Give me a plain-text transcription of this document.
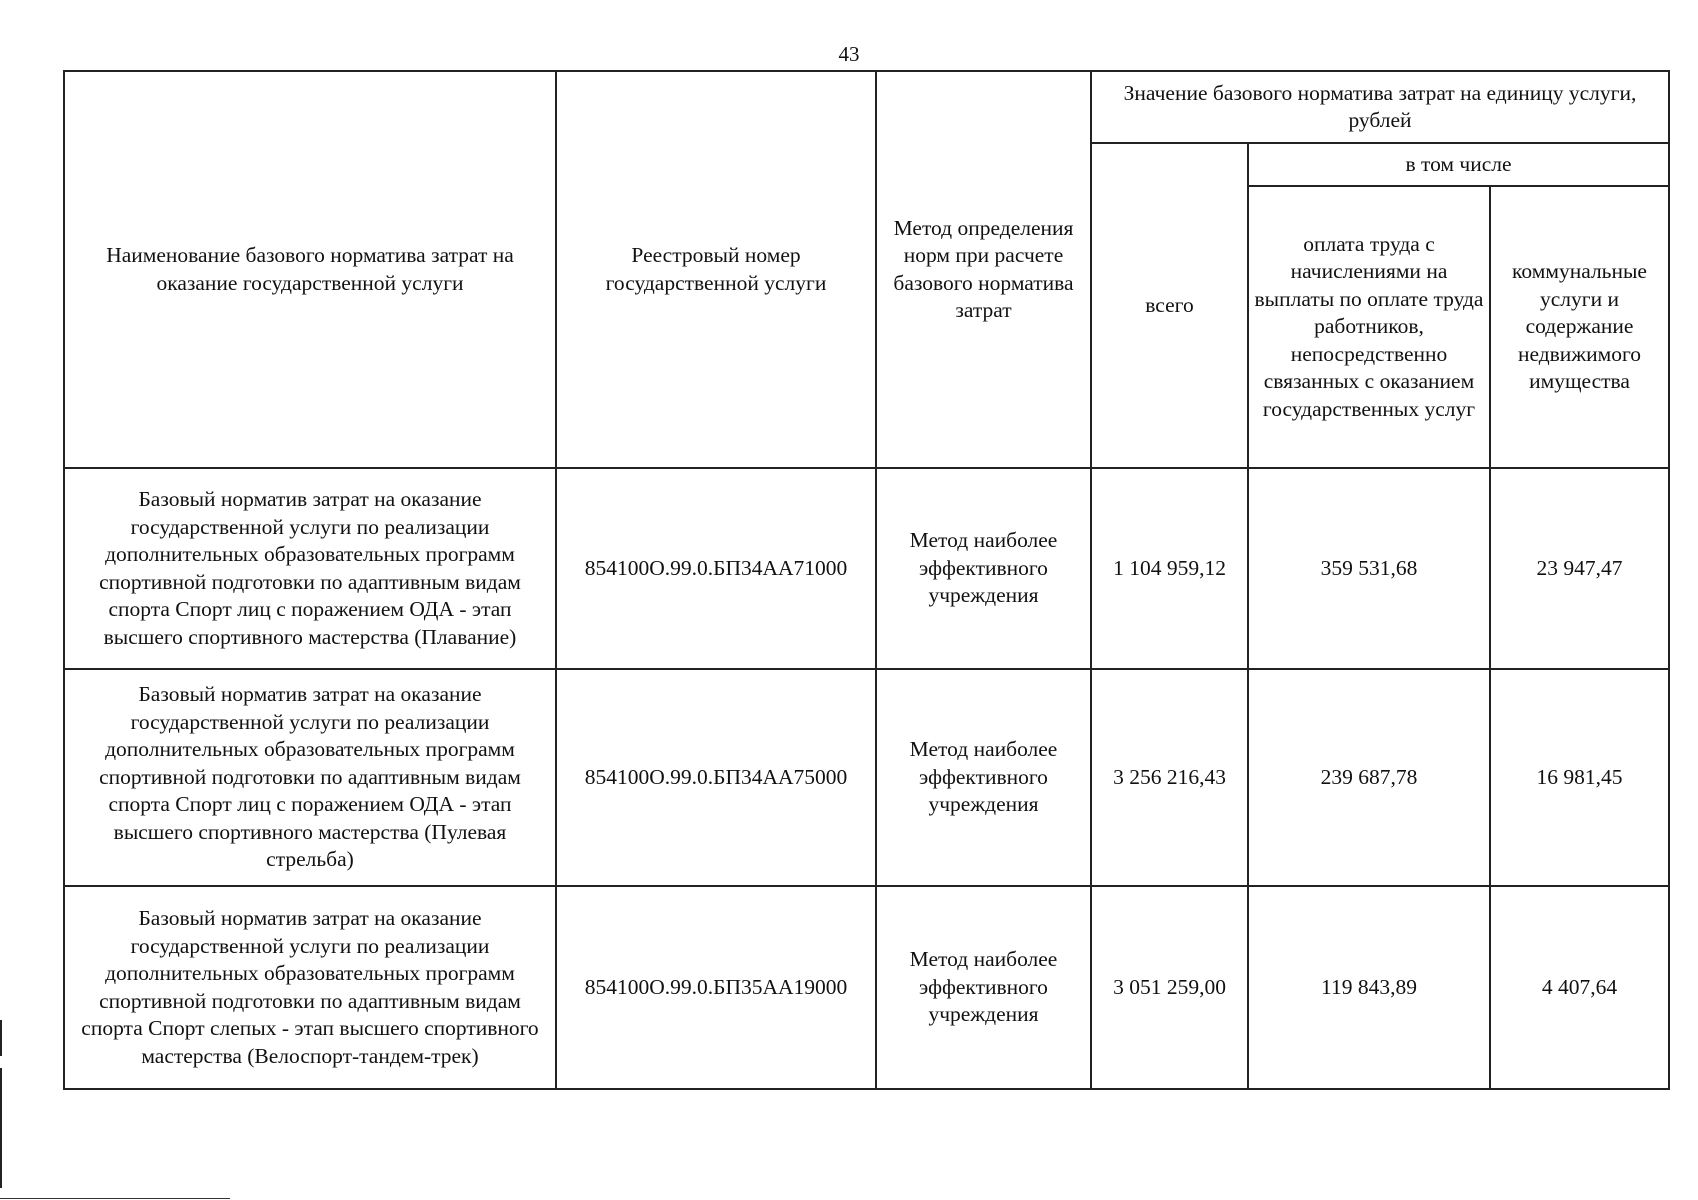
43
Наименование базового норматива затрат на оказание государственной услуги	Реестровый номер государственной услуги	Метод определения норм при расчете базового норматива затрат	Значение базового норматива затрат на единицу услуги, рублей		
			всего	в том числе	
				оплата труда с начислениями на выплаты по оплате труда работников, непосредственно связанных с оказанием государственных услуг	коммунальные услуги и содержание недвижимого имущества
Базовый норматив затрат на оказание государственной услуги по реализации дополнительных образовательных программ спортивной подготовки по адаптивным видам спорта Спорт лиц с поражением ОДА - этап высшего спортивного мастерства (Плавание)	854100О.99.0.БП34АА71000	Метод наиболее эффективного учреждения	1 104 959,12	359 531,68	23 947,47
Базовый норматив затрат на оказание государственной услуги по реализации дополнительных образовательных программ спортивной подготовки по адаптивным видам спорта Спорт лиц с поражением ОДА - этап высшего спортивного мастерства (Пулевая стрельба)	854100О.99.0.БП34АА75000	Метод наиболее эффективного учреждения	3 256 216,43	239 687,78	16 981,45
Базовый норматив затрат на оказание государственной услуги по реализации дополнительных образовательных программ спортивной подготовки по адаптивным видам спорта Спорт слепых - этап высшего спортивного мастерства (Велоспорт-тандем-трек)	854100О.99.0.БП35АА19000	Метод наиболее эффективного учреждения	3 051 259,00	119 843,89	4 407,64
